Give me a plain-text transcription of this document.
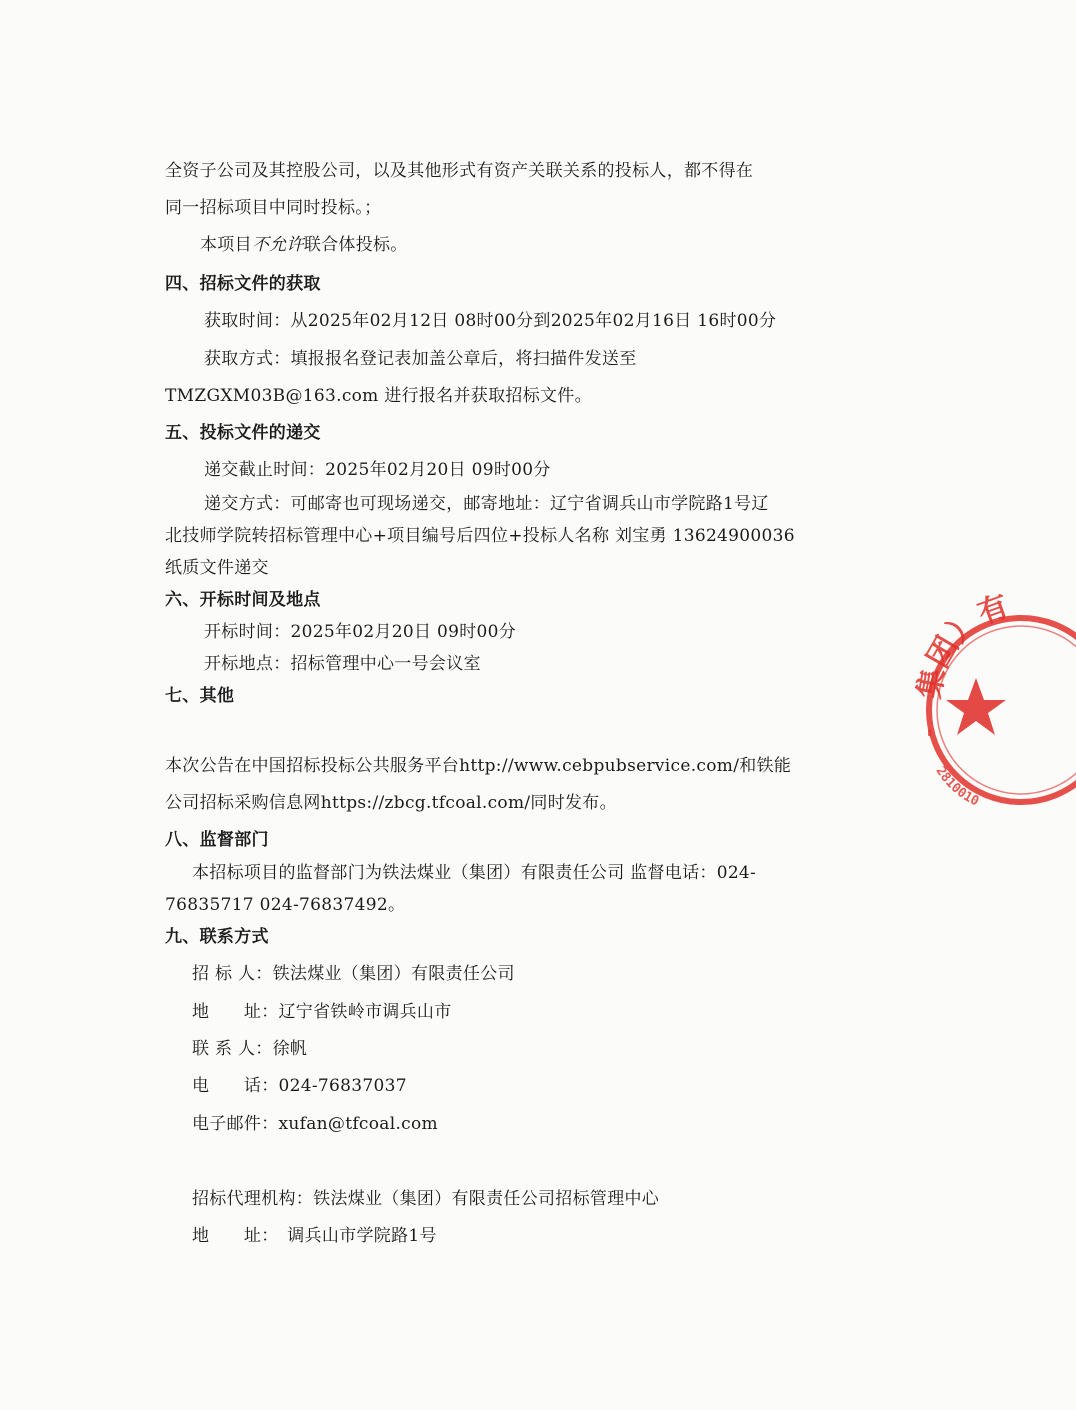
全资子公司及其控股公司，以及其他形式有资产关联关系的投标人，都不得在
同一招标项目中同时投标。；
本项目不允许联合体投标。
四、招标文件的获取
获取时间：从2025年02月12日 08时00分到2025年02月16日 16时00分
获取方式：填报报名登记表加盖公章后，将扫描件发送至
TMZGXM03B@163.com 进行报名并获取招标文件。
五、投标文件的递交
递交截止时间：2025年02月20日 09时00分
递交方式：可邮寄也可现场递交，邮寄地址：辽宁省调兵山市学院路1号辽
北技师学院转招标管理中心+项目编号后四位+投标人名称 刘宝勇 13624900036
纸质文件递交
六、开标时间及地点
开标时间：2025年02月20日 09时00分
开标地点：招标管理中心一号会议室
七、其他
本次公告在中国招标投标公共服务平台http://www.cebpubservice.com/和铁能
公司招标采购信息网https://zbcg.tfcoal.com/同时发布。
八、监督部门
本招标项目的监督部门为铁法煤业（集团）有限责任公司 监督电话：024-
76835717 024-76837492。
九、联系方式
招 标 人：铁法煤业（集团）有限责任公司
地　　址：辽宁省铁岭市调兵山市
联 系 人：徐帆
电　　话：024-76837037
电子邮件：xufan@tfcoal.com
招标代理机构：铁法煤业（集团）有限责任公司招标管理中心
地　　址：　调兵山市学院路1号
集团）有
2810010
